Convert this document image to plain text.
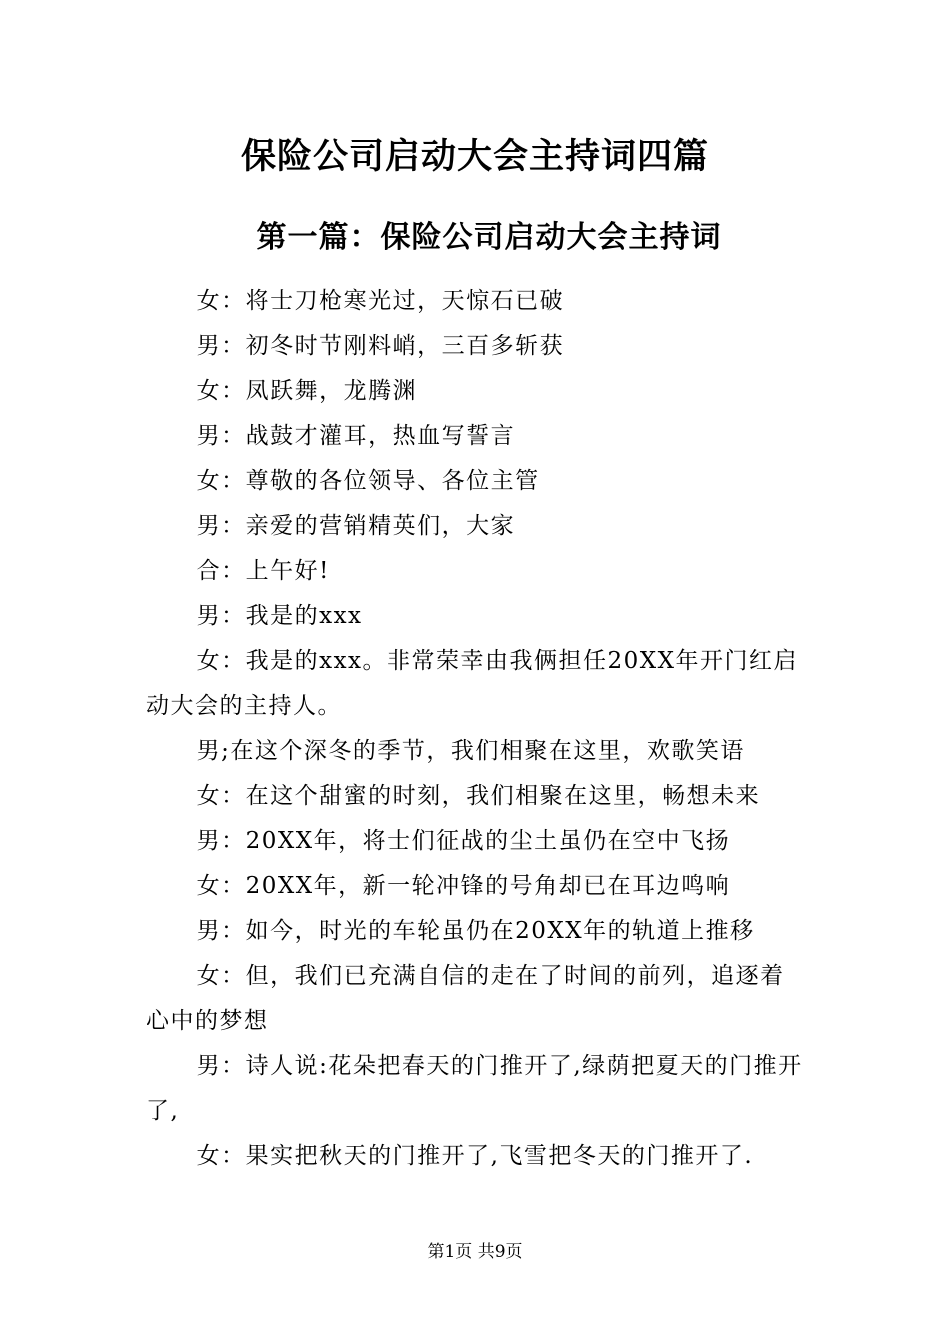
保险公司启动大会主持词四篇
第一篇：保险公司启动大会主持词

女：将士刀枪寒光过，天惊石已破

男：初冬时节刚料峭，三百多斩获

女：凤跃舞，龙腾渊

男：战鼓才灌耳，热血写誓言

女：尊敬的各位领导、各位主管

男：亲爱的营销精英们，大家

合：上午好!

男：我是的xxx

女：我是的xxx。非常荣幸由我俩担任20XX年开门红启动大会的主持人。

男;在这个深冬的季节，我们相聚在这里，欢歌笑语

女：在这个甜蜜的时刻，我们相聚在这里，畅想未来

男：20XX年，将士们征战的尘土虽仍在空中飞扬

女：20XX年，新一轮冲锋的号角却已在耳边鸣响

男：如今，时光的车轮虽仍在20XX年的轨道上推移

女：但，我们已充满自信的走在了时间的前列，追逐着心中的梦想

男：诗人说:花朵把春天的门推开了,绿荫把夏天的门推开了,

女：果实把秋天的门推开了,飞雪把冬天的门推开了.

第1页 共9页
